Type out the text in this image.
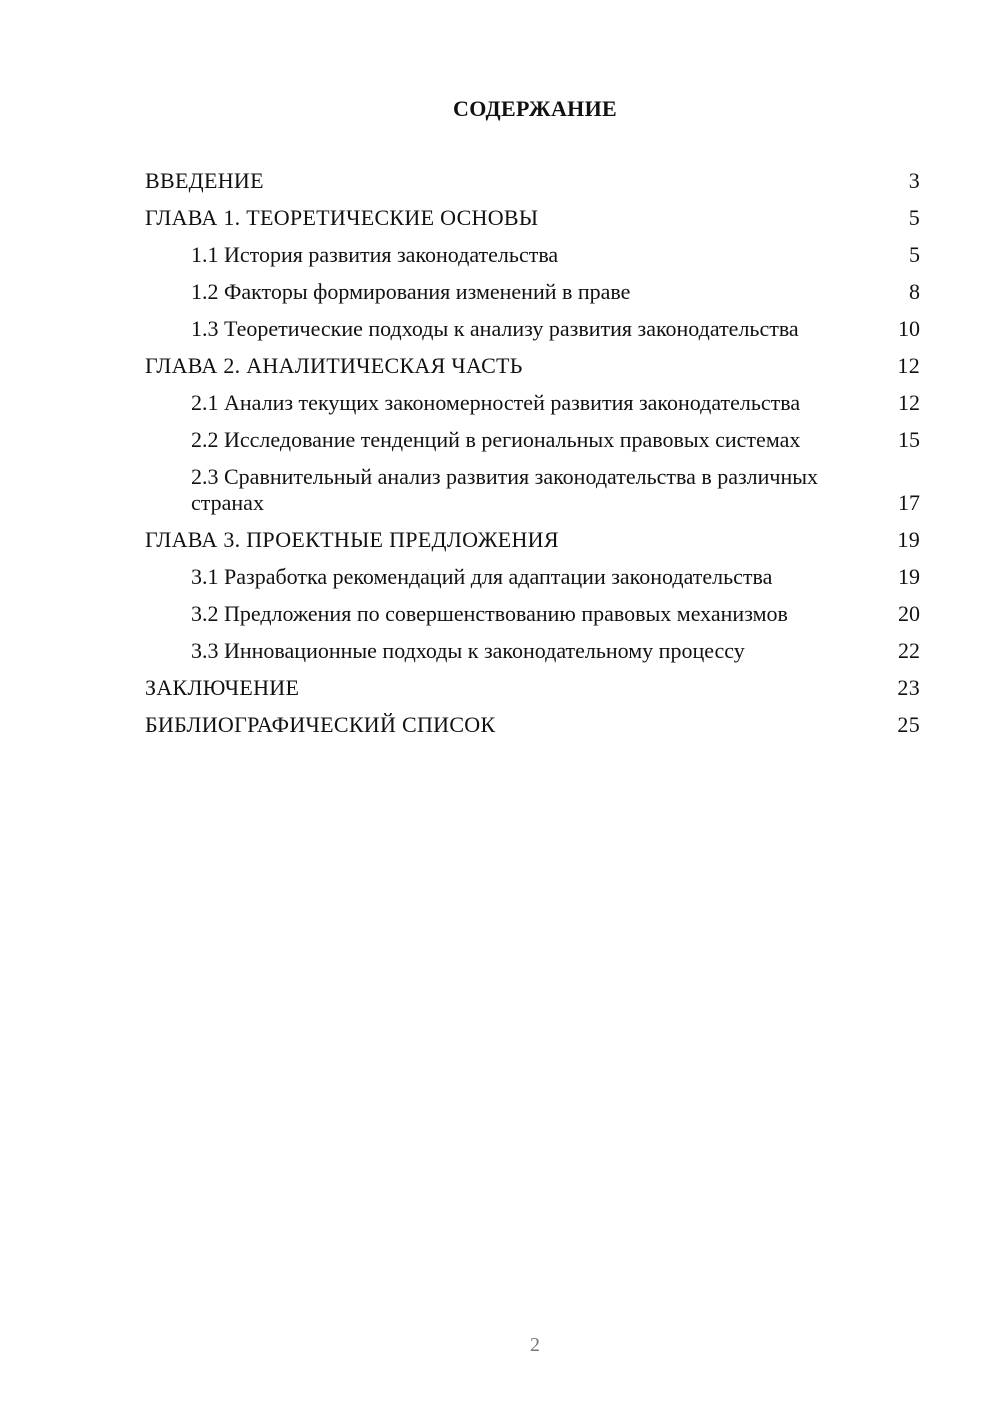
СОДЕРЖАНИЕ
ВВЕДЕНИЕ	3
ГЛАВА 1. ТЕОРЕТИЧЕСКИЕ ОСНОВЫ	5
1.1 История развития законодательства	5
1.2 Факторы формирования изменений в праве	8
1.3 Теоретические подходы к анализу развития законодательства	10
ГЛАВА 2. АНАЛИТИЧЕСКАЯ ЧАСТЬ	12
2.1 Анализ текущих закономерностей развития законодательства	12
2.2 Исследование тенденций в региональных правовых системах	15
2.3 Сравнительный анализ развития законодательства в различных странах	17
ГЛАВА 3. ПРОЕКТНЫЕ ПРЕДЛОЖЕНИЯ	19
3.1 Разработка рекомендаций для адаптации законодательства	19
3.2 Предложения по совершенствованию правовых механизмов	20
3.3 Инновационные подходы к законодательному процессу	22
ЗАКЛЮЧЕНИЕ	23
БИБЛИОГРАФИЧЕСКИЙ СПИСОК	25
2
